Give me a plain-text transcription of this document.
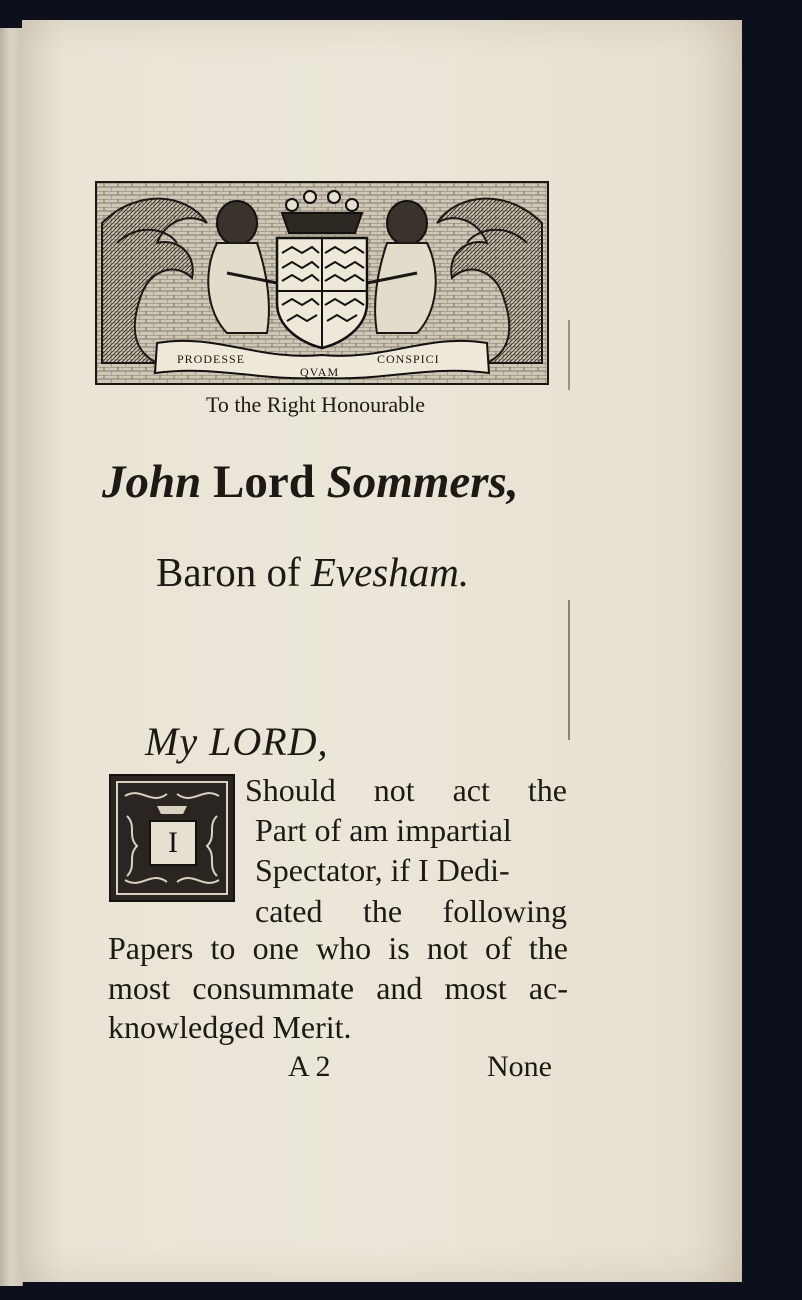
PRODESSE
QVAM
CONSPICI

To the Right Honourable

John Lord Sommers,

Baron of Evesham.

My LORD,

I

Should not act the

Part of am impartial

Spectator, if I Dedi-

cated the following

Papers to one who is not of the

most consummate and most ac-

knowledged Merit.

A 2	None
